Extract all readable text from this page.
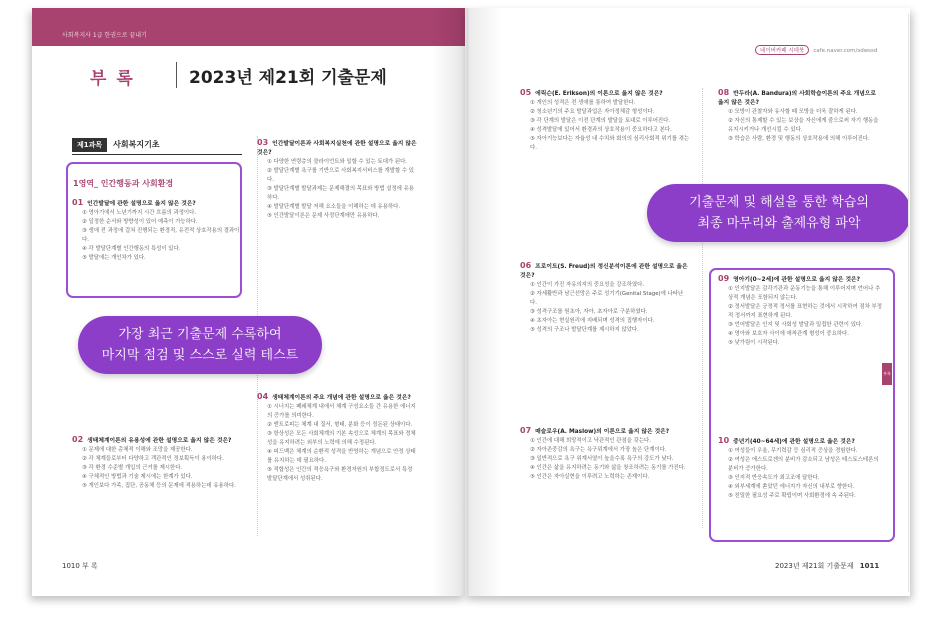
사회복지사 1급 한권으로 끝내기
부 록	2023년 제21회 기출문제
제1과목 사회복지기초
1영역_ 인간행동과 사회환경
01 인간발달에 관한 설명으로 옳지 않은 것은?
① 영아기에서 노년기까지 시간 흐름의 과정이다.
② 일정한 순서와 방향성이 있어 예측이 가능하다.
③ 생애 전 과정에 걸쳐 진행되는 환경적, 유전적 상호작용의 결과이다.
④ 각 발달단계별 인간행동의 특성이 있다.
⑤ 발달에는 개인차가 있다.
03 인간발달이론과 사회복지실천에 관한 설명으로 옳지 않은 것은?
① 다양한 연령층의 클라이언트와 일할 수 있는 토대가 된다.
② 발달단계별 욕구를 기반으로 사회복지서비스를 개발할 수 있다.
③ 발달단계별 발달과제는 문제해결의 목표와 방법 설정에 유용하다.
④ 발달단계별 발달 저해 요소들을 이해하는 데 유용하다.
⑤ 인간발달이론은 문제 사정단계에만 유용하다.
04 생태체계이론의 주요 개념에 관한 설명으로 옳은 것은?
① 시너지는 폐쇄체계 내에서 체계 구성요소들 간 유용한 에너지의 증가를 의미한다.
② 엔트로피는 체계 내 질서, 형태, 분화 등이 정돈된 상태이다.
③ 항상성은 모든 사회체계의 기본 속성으로 체계의 목표와 정체성을 유지하려는 외부의 노력에 의해 수정된다.
④ 피드백은 체계의 순환적 성격을 반영하는 개념으로 안정 상태를 유지하는 데 필요하다.
⑤ 적합성은 인간의 적응욕구와 환경자원의 부합정도로서 특정 발달단계에서 성취된다.
02 생태체계이론의 유용성에 관한 설명으로 옳지 않은 것은?
① 문제에 대한 총체적 이해와 조망을 제공한다.
② 각 체계들로부터 다양하고 객관적인 정보획득이 용이하다.
③ 각 환경 수준별 개입의 근거를 제시한다.
④ 구체적인 방법과 기술 제시에는 한계가 있다.
⑤ 개인보다 가족, 집단, 공동체 등의 문제에 적용하는데 유용하다.
가장 최근 기출문제 수록하여
마지막 점검 및 스스로 실력 테스트
1010 부 록
네이버카페 시대북 cafe.naver.com/sdwssd
05 에릭슨(E. Erikson)의 이론으로 옳지 않은 것은?
① 개인의 성격은 전 생애를 통하여 발달한다.
② 청소년기의 주요 발달과업은 자아정체감 형성이다.
③ 각 단계의 발달은 이전 단계의 발달을 토대로 이루어진다.
④ 성격발달에 있어서 환경과의 상호작용이 중요하다고 본다.
⑤ 자아기능보다는 자율성 내 수치와 회의의 심리사회적 위기를 겪는다.
06 프로이트(S. Freud)의 정신분석이론에 관한 설명으로 옳은 것은?
① 인간이 가진 자유의지의 중요성을 강조하였다.
② 자세활반과 남근선망은 주로 성기기(Genital Stage)에 나타난다.
③ 성격구조를 원초아, 자아, 초자아로 구분하였다.
④ 초자아는 현실원리에 지배되며 성격의 집행자이다.
⑤ 성격의 구조나 발달단계를 제시하지 않았다.
07 매슬로우(A. Maslow)의 이론으로 옳지 않은 것은?
① 인간에 대해 희망적이고 낙관적인 관점을 갖는다.
② 자아존중감의 욕구는 욕구위계에서 가장 높은 단계이다.
③ 일반적으로 욕구 위계서열이 높을수록 욕구의 강도가 낮다.
④ 인간은 삶을 유지하려는 동기와 삶을 창조하려는 동기를 가진다.
⑤ 인간은 자아실현을 이루려고 노력하는 존재이다.
08 반두라(A. Bandura)의 사회학습이론의 주요 개념으로 옳지 않은 것은?
① 모방이 관찰자와 유사할 때 모방을 더욱 잘하게 된다.
② 자신의 통제할 수 있는 보상을 자신에게 줌으로써 자기 행동을 유지시키거나 개선시킬 수 있다.
③ 학습은 사람, 환경 및 행동의 상호작용에 의해 이루어진다.
09 영아기(0~2세)에 관한 설명으로 옳지 않은 것은?
① 인지발달은 감각기관과 운동기능을 통해 이루어지며 언어나 추상적 개념은 포함되지 않는다.
② 정서발달은 긍정적 정서를 표현하는 것에서 시작하여 점차 부정적 정서까지 표현하게 된다.
③ 언어발달은 인지 및 사회성 발달과 밀접한 관련이 있다.
④ 영아와 보호자 사이에 애착관계 형성이 중요하다.
⑤ 낯가림이 시작된다.
10 중년기(40~64세)에 관한 설명으로 옳은 것은?
① 여성들이 우울, 무기력감 등 심리적 증상을 경험한다.
② 여성은 에스트로겐의 분비가 감소되고 남성은 테스토스테론의 분비가 증가한다.
③ 인지적 반응속도가 최고조에 달한다.
④ 외부세계에 쏟았던 에너지가 자신의 내부로 향한다.
⑤ 친밀한 필요성 주로 확립이며 사회환경에 속 주된다.
기출문제 및 해설을 통한 학습의
최종 마무리와 출제유형 파악
부록
2023년 제21회 기출문제 1011
